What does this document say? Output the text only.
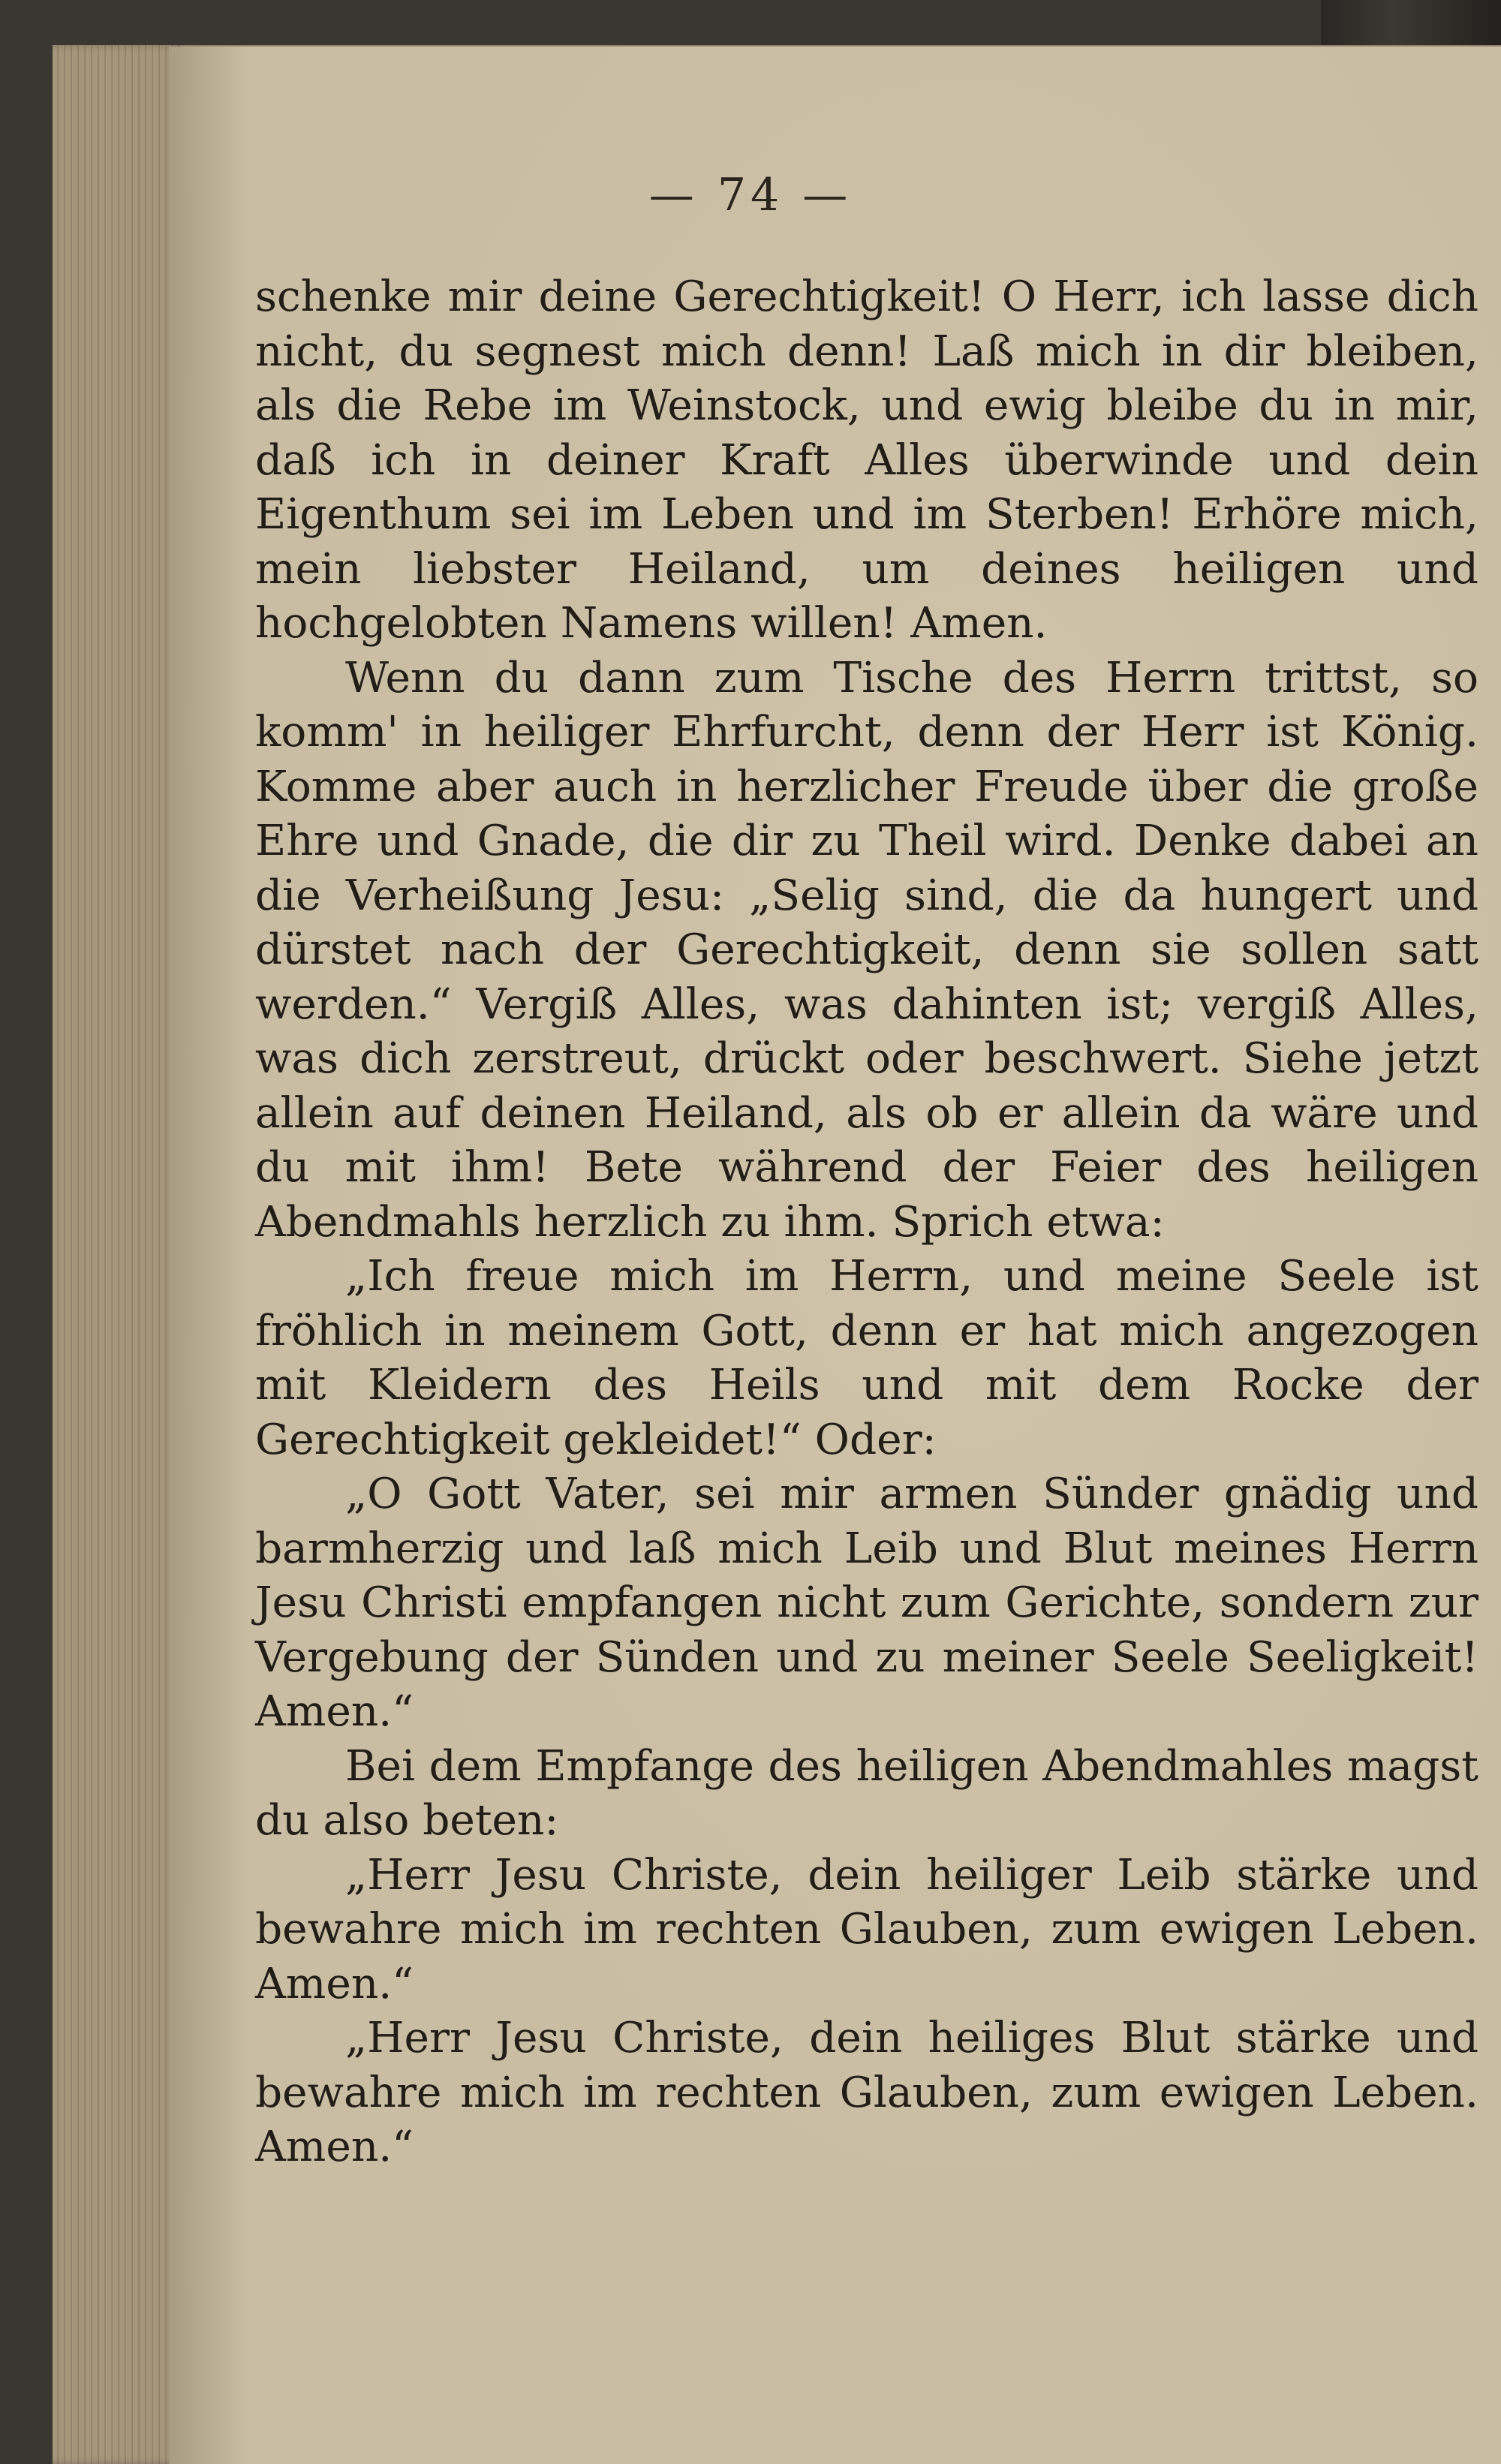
— 74 —

schenke mir deine Gerechtigkeit! O Herr, ich lasse dich nicht, du segnest mich denn! Laß mich in dir bleiben, als die Rebe im Weinstock, und ewig bleibe du in mir, daß ich in deiner Kraft Alles überwinde und dein Eigenthum sei im Leben und im Sterben! Erhöre mich, mein liebster Heiland, um deines heiligen und hochgelobten Namens willen! Amen.

Wenn du dann zum Tische des Herrn trittst, so komm' in heiliger Ehrfurcht, denn der Herr ist König. Komme aber auch in herzlicher Freude über die große Ehre und Gnade, die dir zu Theil wird. Denke dabei an die Verheißung Jesu: „Selig sind, die da hungert und dürstet nach der Gerechtigkeit, denn sie sollen satt werden.“ Vergiß Alles, was dahinten ist; vergiß Alles, was dich zerstreut, drückt oder beschwert. Siehe jetzt allein auf deinen Heiland, als ob er allein da wäre und du mit ihm! Bete während der Feier des heiligen Abendmahls herzlich zu ihm. Sprich etwa:

„Ich freue mich im Herrn, und meine Seele ist fröhlich in meinem Gott, denn er hat mich angezogen mit Kleidern des Heils und mit dem Rocke der Gerechtigkeit gekleidet!“ Oder:

„O Gott Vater, sei mir armen Sünder gnädig und barmherzig und laß mich Leib und Blut meines Herrn Jesu Christi empfangen nicht zum Gerichte, sondern zur Vergebung der Sünden und zu meiner Seele Seeligkeit! Amen.“

Bei dem Empfange des heiligen Abendmahles magst du also beten:

„Herr Jesu Christe, dein heiliger Leib stärke und bewahre mich im rechten Glauben, zum ewigen Leben. Amen.“

„Herr Jesu Christe, dein heiliges Blut stärke und bewahre mich im rechten Glauben, zum ewigen Leben. Amen.“
